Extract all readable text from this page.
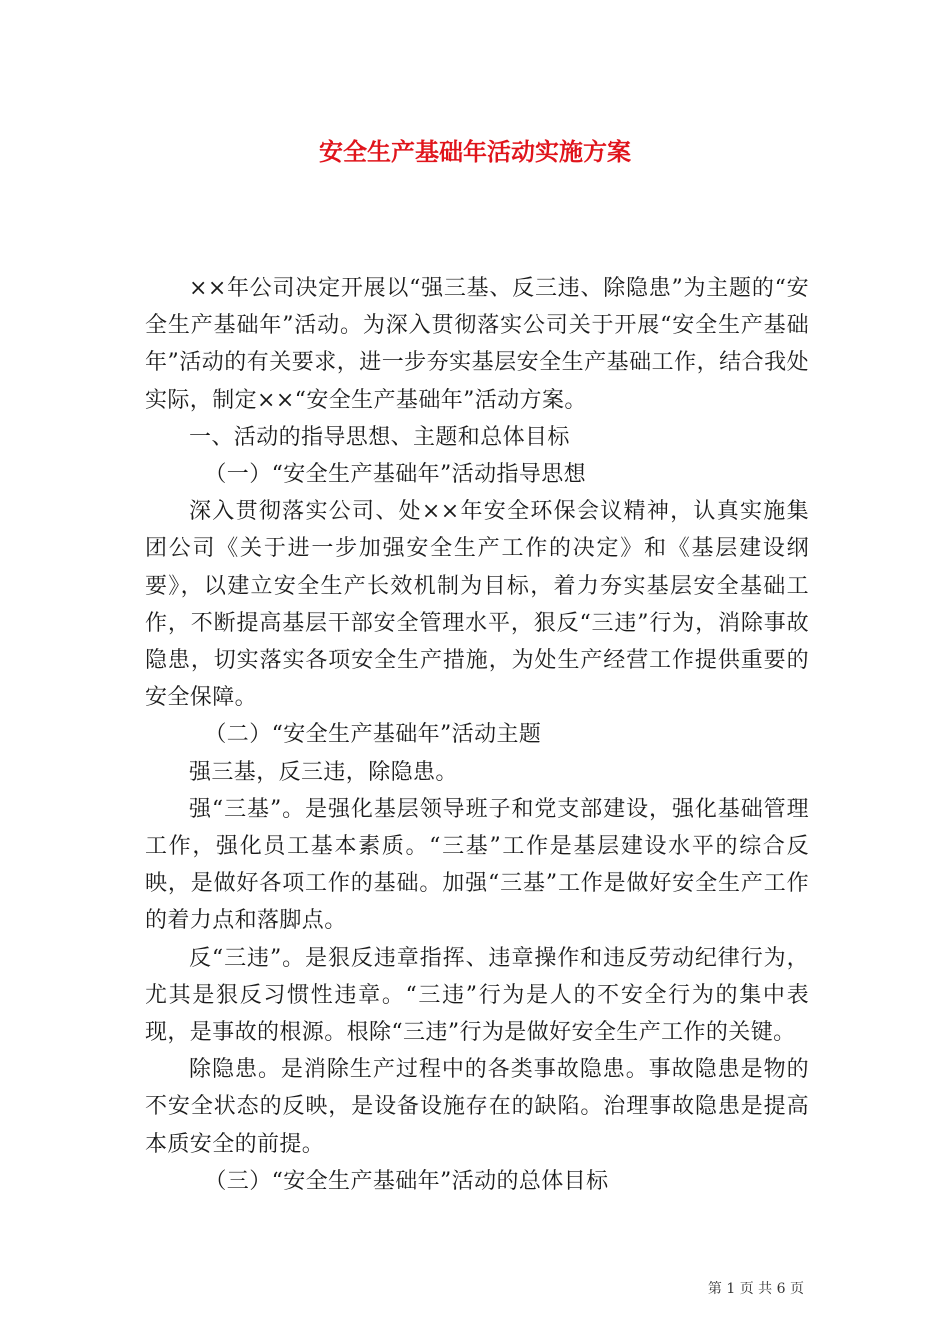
安全生产基础年活动实施方案

××年公司决定开展以“强三基、反三违、除隐患”为主题的“安全生产基础年”活动。为深入贯彻落实公司关于开展“安全生产基础年”活动的有关要求，进一步夯实基层安全生产基础工作，结合我处实际，制定××“安全生产基础年”活动方案。

一、活动的指导思想、主题和总体目标

（一）“安全生产基础年”活动指导思想

深入贯彻落实公司、处××年安全环保会议精神，认真实施集团公司《关于进一步加强安全生产工作的决定》和《基层建设纲要》，以建立安全生产长效机制为目标，着力夯实基层安全基础工作，不断提高基层干部安全管理水平，狠反“三违”行为，消除事故隐患，切实落实各项安全生产措施，为处生产经营工作提供重要的安全保障。

（二）“安全生产基础年”活动主题

强三基，反三违，除隐患。

强“三基”。是强化基层领导班子和党支部建设，强化基础管理工作，强化员工基本素质。“三基”工作是基层建设水平的综合反映，是做好各项工作的基础。加强“三基”工作是做好安全生产工作的着力点和落脚点。

反“三违”。是狠反违章指挥、违章操作和违反劳动纪律行为，尤其是狠反习惯性违章。“三违”行为是人的不安全行为的集中表现，是事故的根源。根除“三违”行为是做好安全生产工作的关键。

除隐患。是消除生产过程中的各类事故隐患。事故隐患是物的不安全状态的反映，是设备设施存在的缺陷。治理事故隐患是提高本质安全的前提。

（三）“安全生产基础年”活动的总体目标

第 1 页 共 6 页
